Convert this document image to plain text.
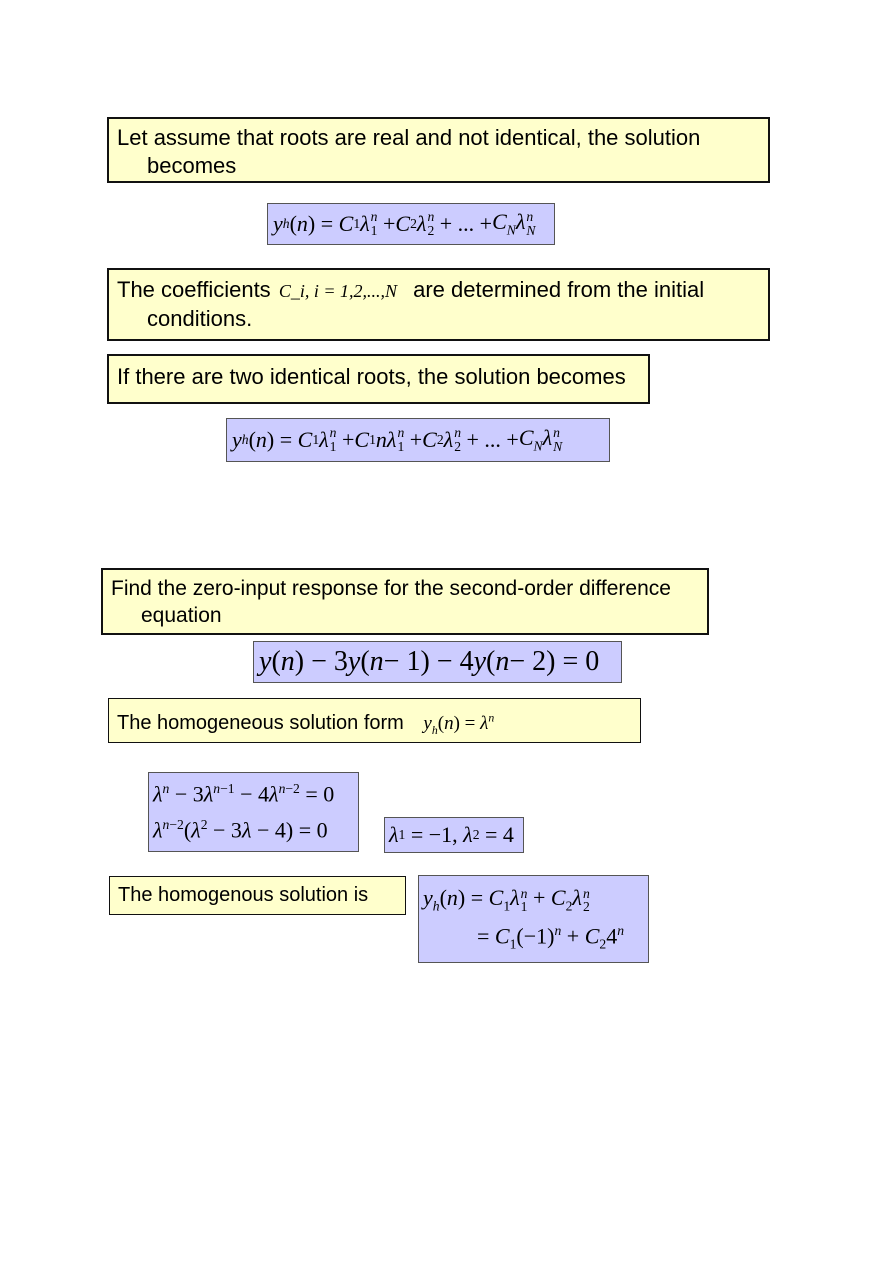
Let assume that roots are real and not identical, the solution
becomes
y h ( n ) = C 1 λ n
1 + C 2 λ n
2 + ... + $C_N\lambda$ n
N
The coefficients C_i, i = 1,2,...,N are determined from the initial
conditions.
If there are two identical roots, the solution becomes
y h ( n ) = C 1 λ n
1 + C 1 nλ n
1 + C 2 λ n
2 + ... + $C_N\lambda$ n
N
Find the zero-input response for the second-order difference
equation
y ( n ) − 3 y ( n − 1) − 4 y ( n − 2) = 0
The homogeneous solution form $y_h(n) = \lambda^n$
$\lambda^n - 3\lambda^{n-1} - 4\lambda^{n-2} = 0$
$\lambda^{n-2}(\lambda^2 - 3\lambda - 4) = 0$	λ 1 = −1, λ 2 = 4
The homogenous solution is	$y_h(n) = C_1\lambda$ n
$1 + C_2\lambda$ n
2
= $C_1(-1)^n + C_24^n$
